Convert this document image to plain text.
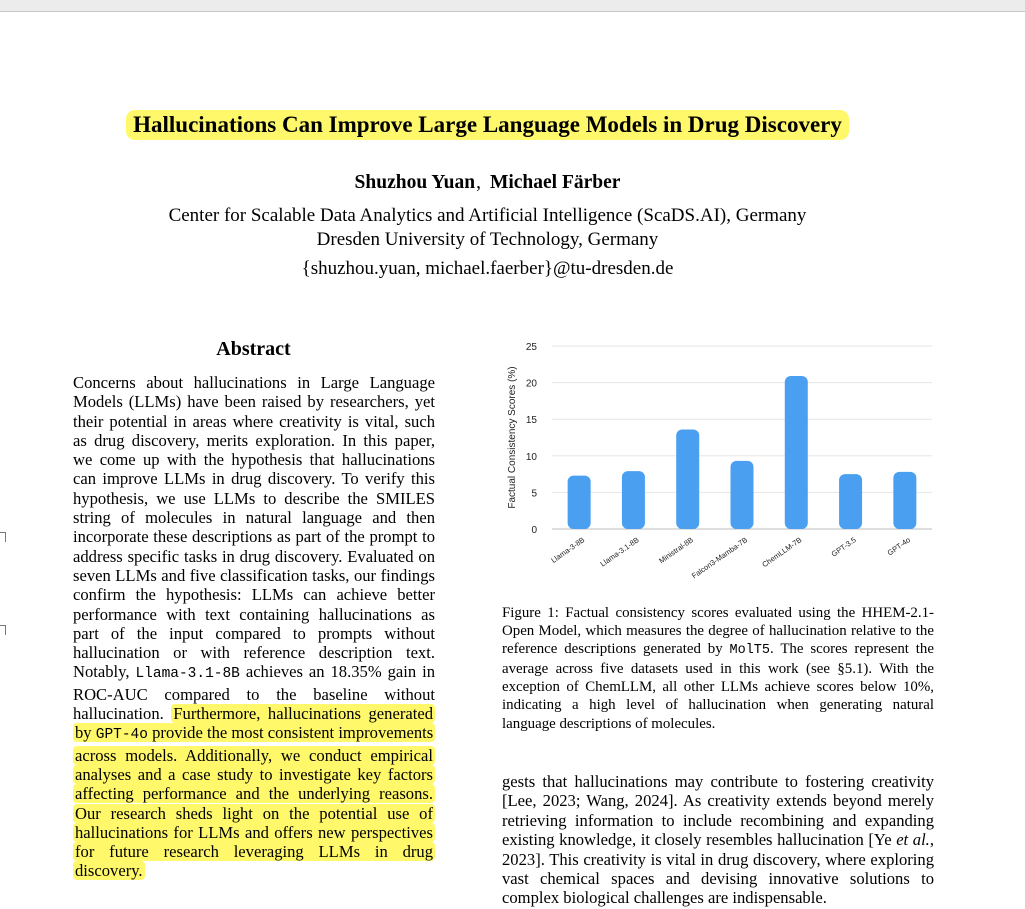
Hallucinations Can Improve Large Language Models in Drug Discovery
Shuzhou Yuan, Michael Färber
Center for Scalable Data Analytics and Artificial Intelligence (ScaDS.AI), Germany
Dresden University of Technology, Germany
{shuzhou.yuan, michael.faerber}@tu-dresden.de
Abstract
Concerns about hallucinations in Large Language Models (LLMs) have been raised by researchers, yet their potential in areas where creativity is vital, such as drug discovery, merits exploration. In this paper, we come up with the hypothesis that hallucinations can improve LLMs in drug discovery. To verify this hypothesis, we use LLMs to describe the SMILES string of molecules in natural language and then incorporate these descriptions as part of the prompt to address specific tasks in drug discovery. Evaluated on seven LLMs and five classification tasks, our findings confirm the hypothesis: LLMs can achieve better performance with text containing hallucinations as part of the input compared to prompts without hallucination or with reference description text. Notably, Llama-3.1-8B achieves an 18.35% gain in ROC-AUC compared to the baseline without hallucination. Furthermore, hallucinations generated by GPT-4o provide the most consistent improvements across models. Additionally, we conduct empirical analyses and a case study to investigate key factors affecting performance and the underlying reasons. Our research sheds light on the potential use of hallucinations for LLMs and offers new perspectives for future research leveraging LLMs in drug discovery.
0
5
10
15
20
25
Factual Consistency Scores (%)
Llama-3-8B Llama-3.1-8B Ministral-8B
Falcon3-Mamba-7B ChemLLM-7B	GPT-3.5	GPT-4o
Figure 1: Factual consistency scores evaluated using the HHEM-2.1-Open Model, which measures the degree of hallucination relative to the reference descriptions generated by MolT5. The scores represent the average across five datasets used in this work (see §5.1). With the exception of ChemLLM, all other LLMs achieve scores below 10%, indicating a high level of hallucination when generating natural language descriptions of molecules.
gests that hallucinations may contribute to fostering creativity [Lee, 2023; Wang, 2024]. As creativity extends beyond merely retrieving information to include recombining and expanding existing knowledge, it closely resembles hallucination [Ye et al., 2023]. This creativity is vital in drug discovery, where exploring vast chemical spaces and devising innovative solutions to complex biological challenges are indispensable.
